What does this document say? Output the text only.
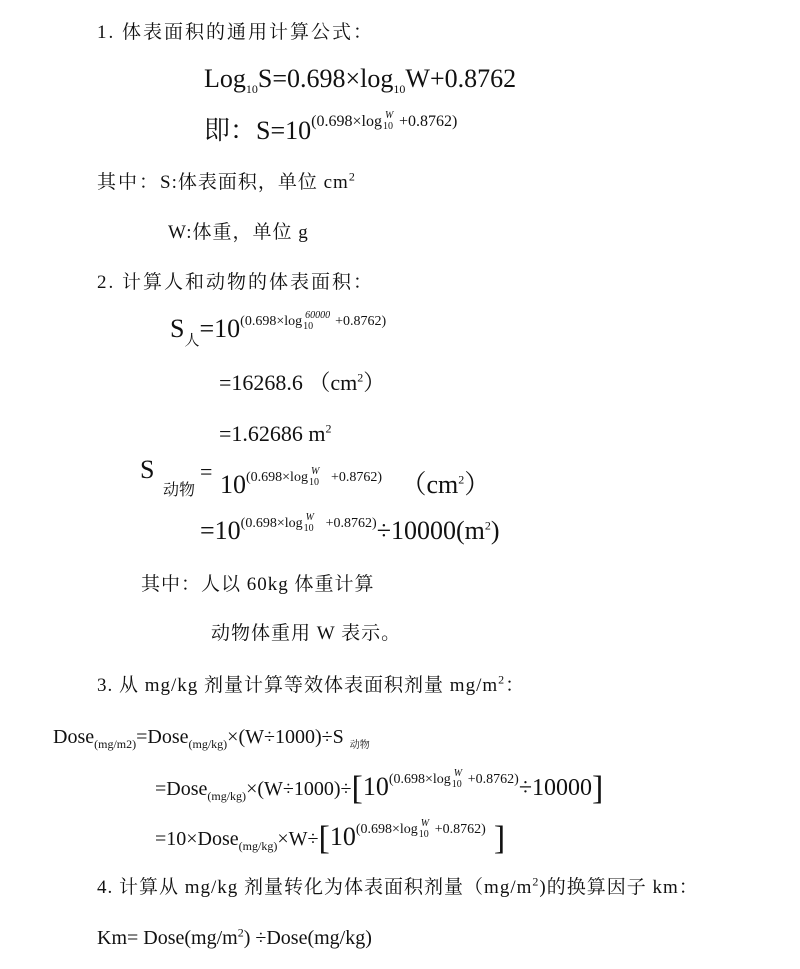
1. 体表面积的通用计算公式：
$Log_{10}S=0.698\times\log_{10}W+0.8762$
即：$S=10^{(0.698\times log W 10 +0.8762)}$
其中：S:体表面积，单位 $cm^2$
W:体重，单位 g
2. 计算人和动物的体表面积：
$S_人=10^{(0.698\times log 60000 10 +0.8762)}$
=16268.6 $(cm^2)$
=1.62686 $m^2$
S
动物
= $10^{(0.698\times log W 10 +0.8762)}$ $(cm^2)$
$=10^{(0.698\times log W 10 +0.8762)}\div 10000(m^2)$
其中：人以 60kg 体重计算
动物体重用 W 表示。
3. 从 mg/kg 剂量计算等效体表面积剂量 $mg/m^2$：
Dose$_{(mg/m2)}$=Dose$_{(mg/kg)}$×(W÷1000)÷S $_{动物}$
$=Dose_{(mg/kg)}\times(W\div 1000)\div[10^{(0.698\times log W 10 +0.8762)}\div 10000]$
$=10\times Dose_{(mg/kg)}\times W\div[10^{(0.698\times log W 10 +0.8762)}$ ]
4. 计算从 mg/kg 剂量转化为体表面积剂量$(mg/m^2)$的换算因子 km：
$Km= Dose(mg/m^2)$ ÷Dose(mg/kg)
